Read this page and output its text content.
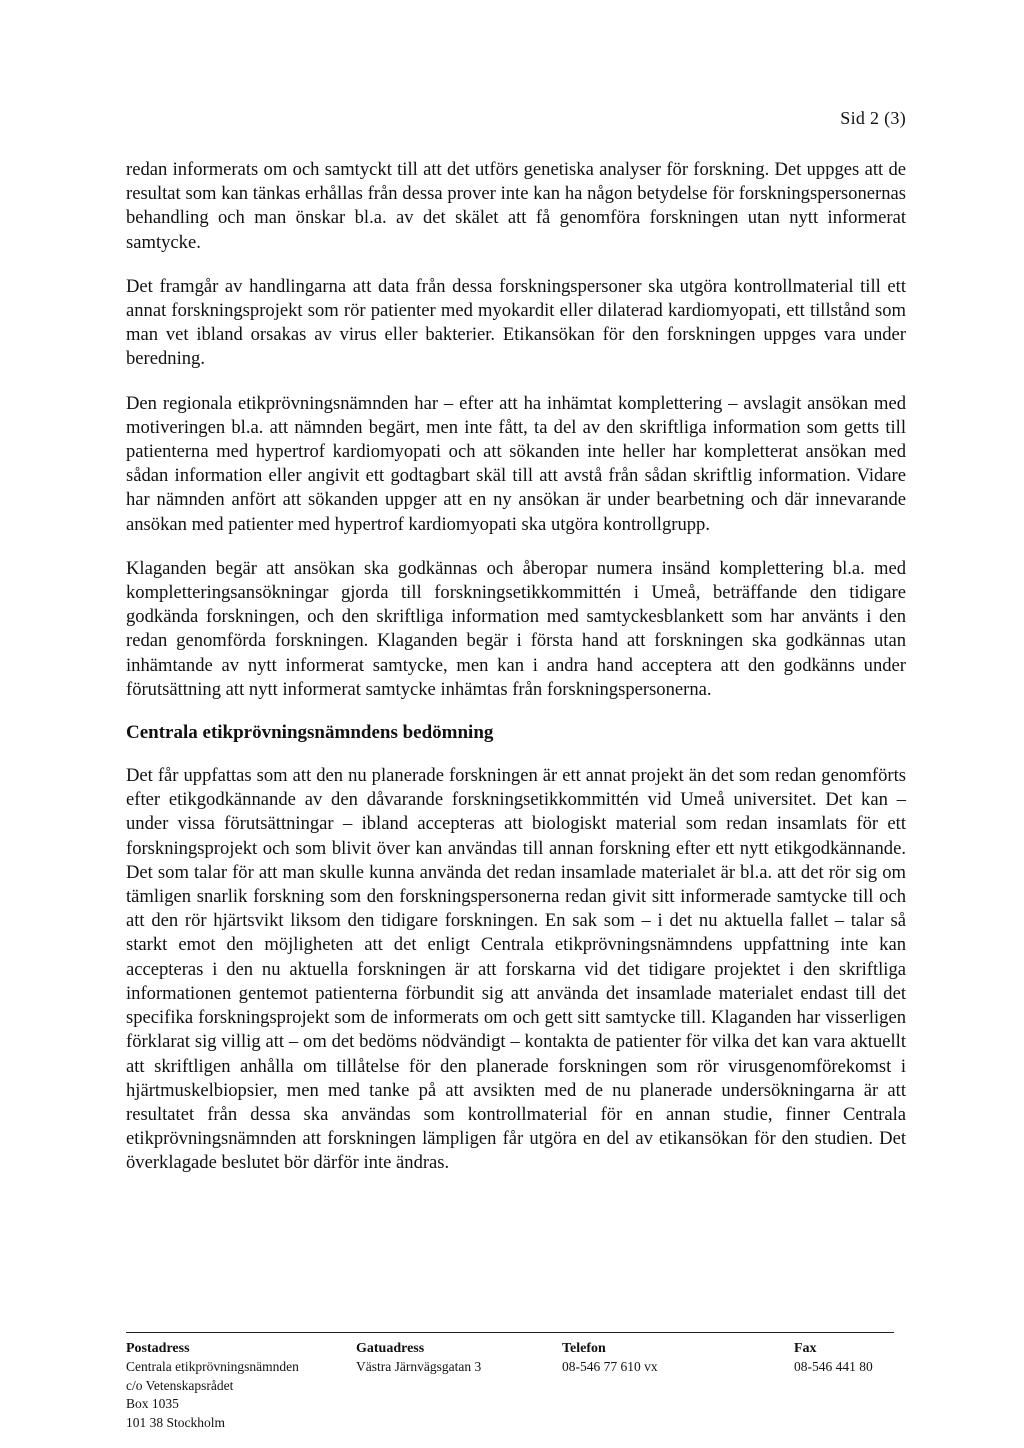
Sid 2 (3)

redan informerats om och samtyckt till att det utförs genetiska analyser för forskning. Det uppges att de resultat som kan tänkas erhållas från dessa prover inte kan ha någon betydelse för forskningspersonernas behandling och man önskar bl.a. av det skälet att få genomföra forskningen utan nytt informerat samtycke.

Det framgår av handlingarna att data från dessa forskningspersoner ska utgöra kontrollmaterial till ett annat forskningsprojekt som rör patienter med myokardit eller dilaterad kardiomyopati, ett tillstånd som man vet ibland orsakas av virus eller bakterier. Etikansökan för den forskningen uppges vara under beredning.

Den regionala etikprövningsnämnden har – efter att ha inhämtat komplettering – avslagit ansökan med motiveringen bl.a. att nämnden begärt, men inte fått, ta del av den skriftliga information som getts till patienterna med hypertrof kardiomyopati och att sökanden inte heller har kompletterat ansökan med sådan information eller angivit ett godtagbart skäl till att avstå från sådan skriftlig information. Vidare har nämnden anfört att sökanden uppger att en ny ansökan är under bearbetning och där innevarande ansökan med patienter med hypertrof kardiomyopati ska utgöra kontrollgrupp.

Klaganden begär att ansökan ska godkännas och åberopar numera insänd komplettering bl.a. med kompletteringsansökningar gjorda till forskningsetikkommittén i Umeå, beträffande den tidigare godkända forskningen, och den skriftliga information med samtyckesblankett som har använts i den redan genomförda forskningen. Klaganden begär i första hand att forskningen ska godkännas utan inhämtande av nytt informerat samtycke, men kan i andra hand acceptera att den godkänns under förutsättning att nytt informerat samtycke inhämtas från forskningspersonerna.

Centrala etikprövningsnämndens bedömning

Det får uppfattas som att den nu planerade forskningen är ett annat projekt än det som redan genomförts efter etikgodkännande av den dåvarande forskningsetikkommittén vid Umeå universitet. Det kan – under vissa förutsättningar – ibland accepteras att biologiskt material som redan insamlats för ett forskningsprojekt och som blivit över kan användas till annan forskning efter ett nytt etikgodkännande. Det som talar för att man skulle kunna använda det redan insamlade materialet är bl.a. att det rör sig om tämligen snarlik forskning som den forskningspersonerna redan givit sitt informerade samtycke till och att den rör hjärtsvikt liksom den tidigare forskningen. En sak som – i det nu aktuella fallet – talar så starkt emot den möjligheten att det enligt Centrala etikprövningsnämndens uppfattning inte kan accepteras i den nu aktuella forskningen är att forskarna vid det tidigare projektet i den skriftliga informationen gentemot patienterna förbundit sig att använda det insamlade materialet endast till det specifika forskningsprojekt som de informerats om och gett sitt samtycke till. Klaganden har visserligen förklarat sig villig att – om det bedöms nödvändigt – kontakta de patienter för vilka det kan vara aktuellt att skriftligen anhålla om tillåtelse för den planerade forskningen som rör virusgenomförekomst i hjärtmuskelbiopsier, men med tanke på att avsikten med de nu planerade undersökningarna är att resultatet från dessa ska användas som kontrollmaterial för en annan studie, finner Centrala etikprövningsnämnden att forskningen lämpligen får utgöra en del av etikansökan för den studien. Det överklagade beslutet bör därför inte ändras.

Postadress
Centrala etikprövningsnämnden
c/o Vetenskapsrådet
Box 1035
101 38 Stockholm
Gatuadress
Västra Järnvägsgatan 3
Telefon
08-546 77 610 vx
Fax
08-546 441 80
